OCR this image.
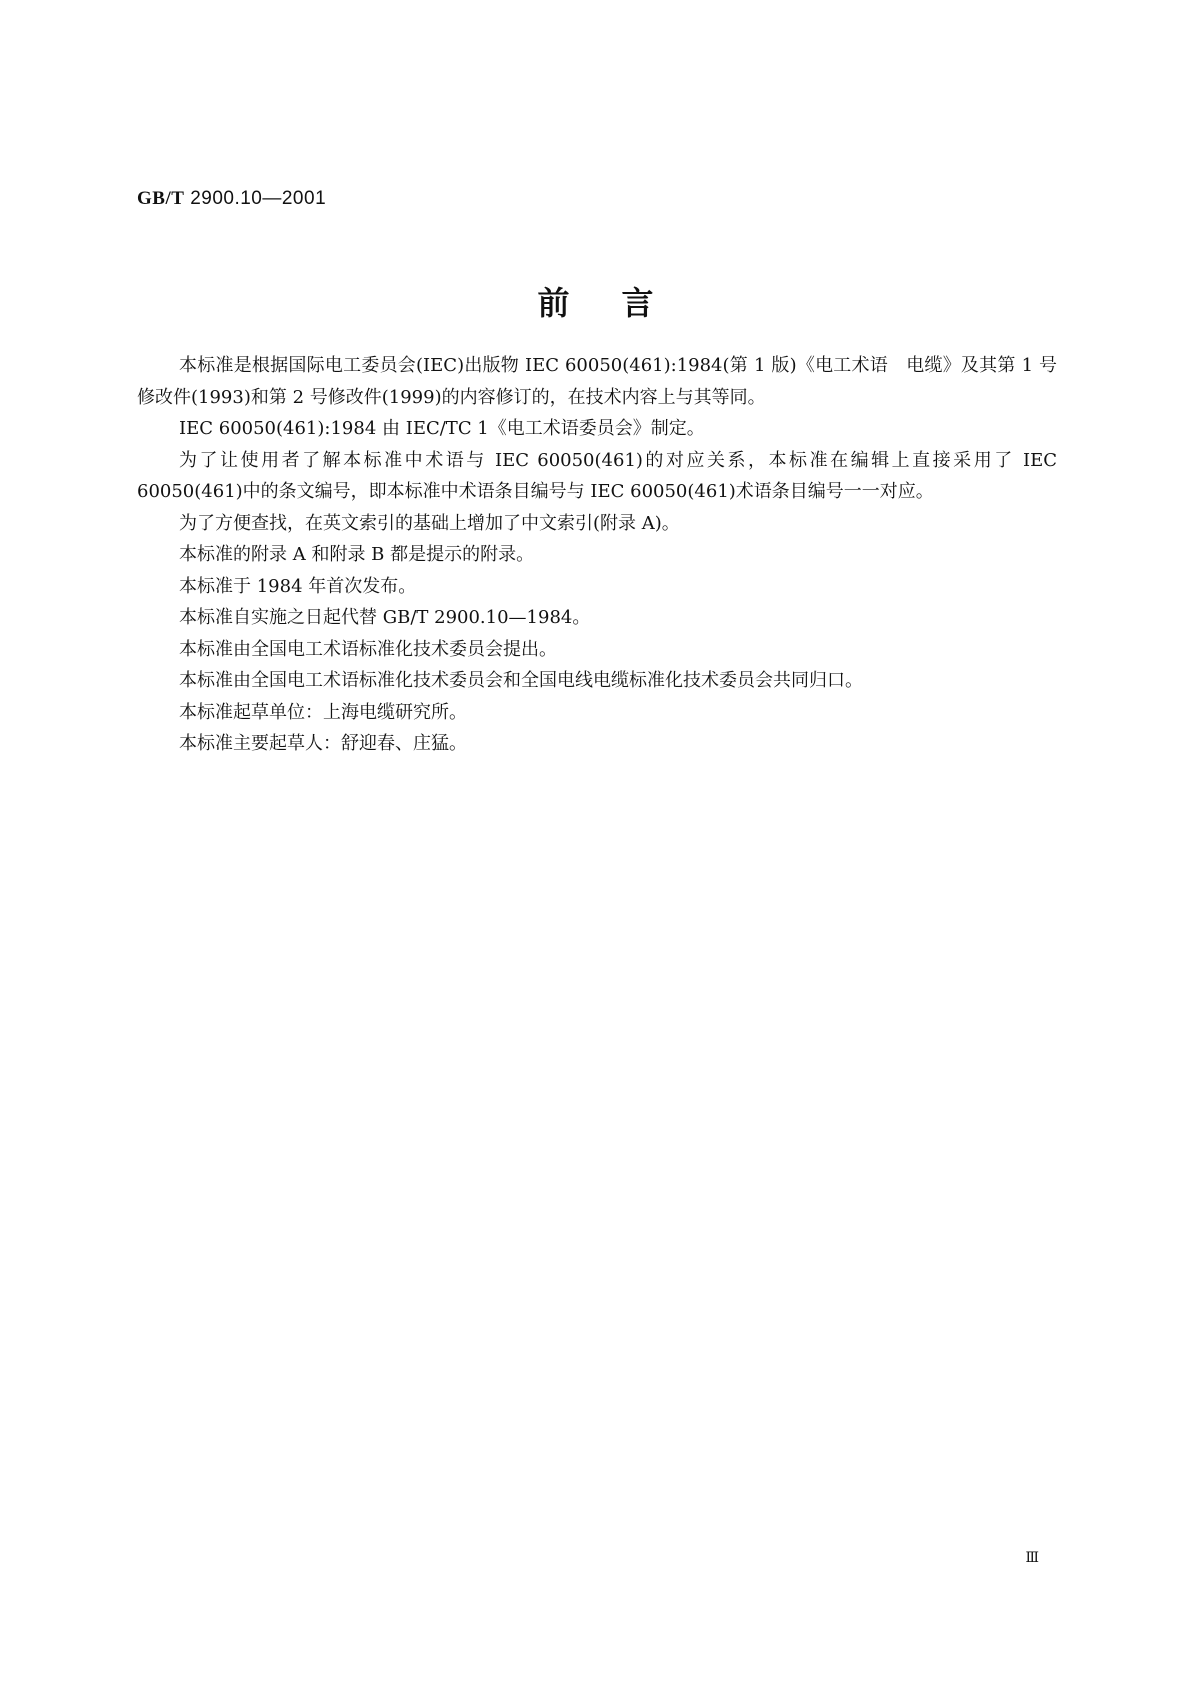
GB/T 2900.10—2001
前言

本标准是根据国际电工委员会(IEC)出版物 IEC 60050(461):1984(第 1 版)《电工术语　电缆》及其第 1 号修改件(1993)和第 2 号修改件(1999)的内容修订的，在技术内容上与其等同。

IEC 60050(461):1984 由 IEC/TC 1《电工术语委员会》制定。

为了让使用者了解本标准中术语与 IEC 60050(461)的对应关系，本标准在编辑上直接采用了 IEC 60050(461)中的条文编号，即本标准中术语条目编号与 IEC 60050(461)术语条目编号一一对应。

为了方便查找，在英文索引的基础上增加了中文索引(附录 A)。

本标准的附录 A 和附录 B 都是提示的附录。

本标准于 1984 年首次发布。

本标准自实施之日起代替 GB/T 2900.10—1984。

本标准由全国电工术语标准化技术委员会提出。

本标准由全国电工术语标准化技术委员会和全国电线电缆标准化技术委员会共同归口。

本标准起草单位：上海电缆研究所。

本标准主要起草人：舒迎春、庄猛。

Ⅲ
